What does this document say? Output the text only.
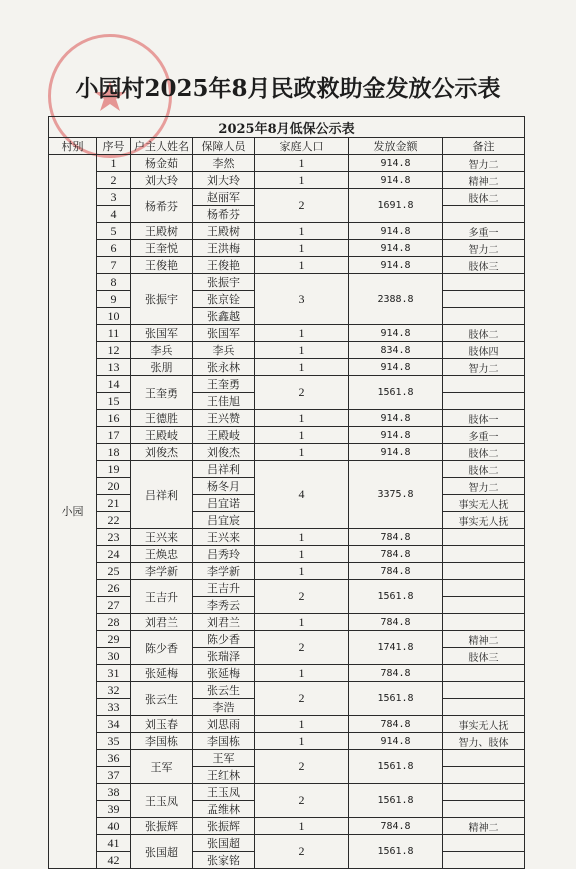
小园村2025年8月民政救助金发放公示表
2025年8月低保公示表						
村别	序号	户主人姓名	保障人员	家庭人口	发放金额	备注
小园	1	杨金茹	李然	1	914.8	智力二
	2	刘大玲	刘大玲	1	914.8	精神二
	3	杨希芬	赵丽军	2	1691.8	肢体二
	4		杨希芬			
	5	王殿树	王殿树	1	914.8	多重一
	6	王奎悦	王洪梅	1	914.8	智力二
	7	王俊艳	王俊艳	1	914.8	肢体三
	8	张振宇	张振宇	3	2388.8	
	9		张京铨			
	10		张鑫越			
	11	张国军	张国军	1	914.8	肢体二
	12	李兵	李兵	1	834.8	肢体四
	13	张朋	张永林	1	914.8	智力二
	14	王奎勇	王奎勇	2	1561.8	
	15		王佳旭			
	16	王德胜	王兴赞	1	914.8	肢体一
	17	王殿岐	王殿岐	1	914.8	多重一
	18	刘俊杰	刘俊杰	1	914.8	肢体二
	19	吕祥利	吕祥利	4	3375.8	肢体二
	20		杨冬月			智力二
	21		吕宜诺			事实无人抚
	22		吕宜宸			事实无人抚
	23	王兴来	王兴来	1	784.8	
	24	王焕忠	吕秀玲	1	784.8	
	25	李学新	李学新	1	784.8	
	26	王吉升	王吉升	2	1561.8	
	27		李秀云			
	28	刘君兰	刘君兰	1	784.8	
	29	陈少香	陈少香	2	1741.8	精神二
	30		张瑞泽			肢体三
	31	张延梅	张延梅	1	784.8	
	32	张云生	张云生	2	1561.8	
	33		李浩			
	34	刘玉春	刘思雨	1	784.8	事实无人抚
	35	李国栋	李国栋	1	914.8	智力、肢体
	36	王军	王军	2	1561.8	
	37		王红林			
	38	王玉凤	王玉凤	2	1561.8	
	39		孟维林			
	40	张振辉	张振辉	1	784.8	精神二
	41	张国超	张国超	2	1561.8	
	42		张家铭			
